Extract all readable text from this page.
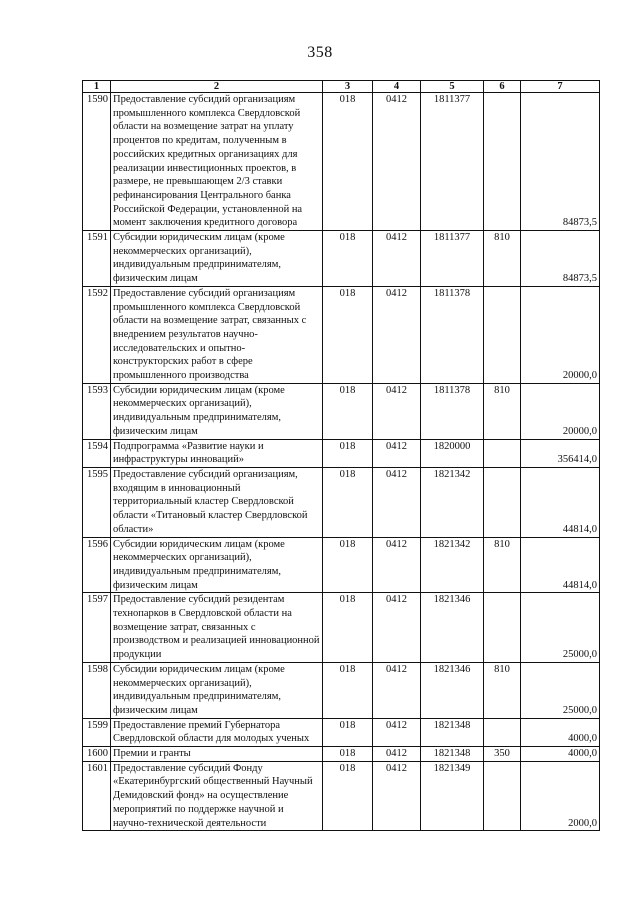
358
1	2	3	4	5	6	7
1590	Предоставление субсидий организациям промышленного комплекса Свердловской области на возмещение затрат на уплату процентов по кредитам, полученным в российских кредитных организациях для реализации инвестиционных проектов, в размере, не превышающем 2/3 ставки рефинансирования Центрального банка Российской Федерации, установленной на момент заключения кредитного договора	018	0412	1811377		84873,5
1591	Субсидии юридическим лицам (кроме некоммерческих организаций), индивидуальным предпринимателям, физическим лицам	018	0412	1811377	810	84873,5
1592	Предоставление субсидий организациям промышленного комплекса Свердловской области на возмещение затрат, связанных с внедрением результатов научно-исследовательских и опытно-конструкторских работ в сфере промышленного производства	018	0412	1811378		20000,0
1593	Субсидии юридическим лицам (кроме некоммерческих организаций), индивидуальным предпринимателям, физическим лицам	018	0412	1811378	810	20000,0
1594	Подпрограмма «Развитие науки и инфраструктуры инноваций»	018	0412	1820000		356414,0
1595	Предоставление субсидий организациям, входящим в инновационный территориальный кластер Свердловской области «Титановый кластер Свердловской области»	018	0412	1821342		44814,0
1596	Субсидии юридическим лицам (кроме некоммерческих организаций), индивидуальным предпринимателям, физическим лицам	018	0412	1821342	810	44814,0
1597	Предоставление субсидий резидентам технопарков в Свердловской области на возмещение затрат, связанных с производством и реализацией инновационной продукции	018	0412	1821346		25000,0
1598	Субсидии юридическим лицам (кроме некоммерческих организаций), индивидуальным предпринимателям, физическим лицам	018	0412	1821346	810	25000,0
1599	Предоставление премий Губернатора Свердловской области для молодых ученых	018	0412	1821348		4000,0
1600	Премии и гранты	018	0412	1821348	350	4000,0
1601	Предоставление субсидий Фонду «Екатеринбургский общественный Научный Демидовский фонд» на осуществление мероприятий по поддержке научной и научно-технической деятельности	018	0412	1821349		2000,0
